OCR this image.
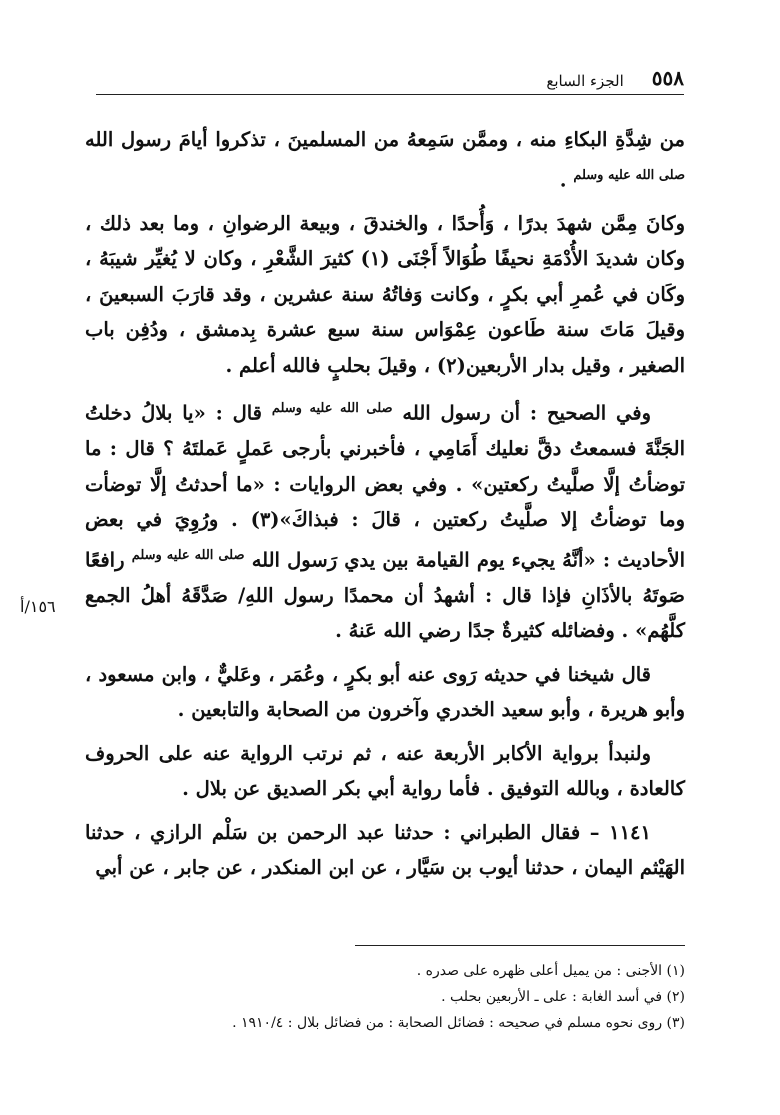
٥٥٨
الجزء السابع
١٥٦/أ

من شِدَّةِ البكاءِ منه ، وممَّن سَمِعهُ من المسلمينَ ، تذكروا أيامَ رسول الله $^{صلى الله عليه وسلم}$ .

وكانَ مِمَّن شهدَ بدرًا ، وَأُحدًا ، والخندقَ ، وبيعة الرضوانِ ، وما بعد ذلك ، وكان شديدَ الأُدْمَةِ نحيفًا طُوَالاً أَجْنَى (١) كثيرَ الشَّعْرِ ، وكان لا يُغيِّر شيبَهُ ، وكَان في عُمرِ أبي بكرٍ ، وكانت وَفاتُهُ سنة عشرين ، وقد قارَبَ السبعينَ ، وقيلَ مَاتَ سنة طَاعون عِمْوَاس سنة سبع عشرة بِدمشق ، ودُفِن باب الصغير ، وقيل بدار الأربعين(٢) ، وقيلَ بحلبٍ فالله أعلم .

وفي الصحيح : أن رسول الله $^{صلى الله عليه وسلم}$ قال : «يا بلالُ دخلتُ الجَنَّةَ فسمعتُ دقَّ نعليك أَمَامِي ، فأخبرني بأرجى عَملٍ عَملتَهُ ؟ قال : ما توضأتُ إلَّا صلَّيتُ ركعتين» . وفي بعض الروايات : «ما أحدثتُ إلَّا توضأت وما توضأتُ إلا صلَّيتُ ركعتين ، قالَ : فبذاكَ»(٣) . ورُوِيَ في بعض الأحاديث : «أنَّهُ يجيء يوم القيامة بين يدي رَسول الله $^{صلى الله عليه وسلم}$ رافعًا صَوتَهُ بالأذَانِ فإذا قال : أشهدُ أن محمدًا رسول اللهِ/ صَدَّقَهُ أهلُ الجمع كلَّهُم» . وفضائله كثيرةٌ جدًا رضي الله عَنهُ .

قال شيخنا في حديثه رَوى عنه أبو بكرٍ ، وعُمَر ، وعَليٌّ ، وابن مسعود ، وأبو هريرة ، وأبو سعيد الخدري وآخرون من الصحابة والتابعين .

ولنبدأ برواية الأكابر الأربعة عنه ، ثم نرتب الرواية عنه على الحروف كالعادة ، وبالله التوفيق . فأما رواية أبي بكر الصديق عن بلال .

١١٤١ – فقال الطبراني : حدثنا عبد الرحمن بن سَلْم الرازي ، حدثنا الهَيْثم اليمان ، حدثنا أيوب بن سَيَّار ، عن ابن المنكدر ، عن جابر ، عن أبي

(١) الأجنى : من يميل أعلى ظهره على صدره .

(٢) في أسد الغابة : على ـ الأربعين بحلب .

(٣) روى نحوه مسلم في صحيحه : فضائل الصحابة : من فضائل بلال : ١٩١٠/٤ .
